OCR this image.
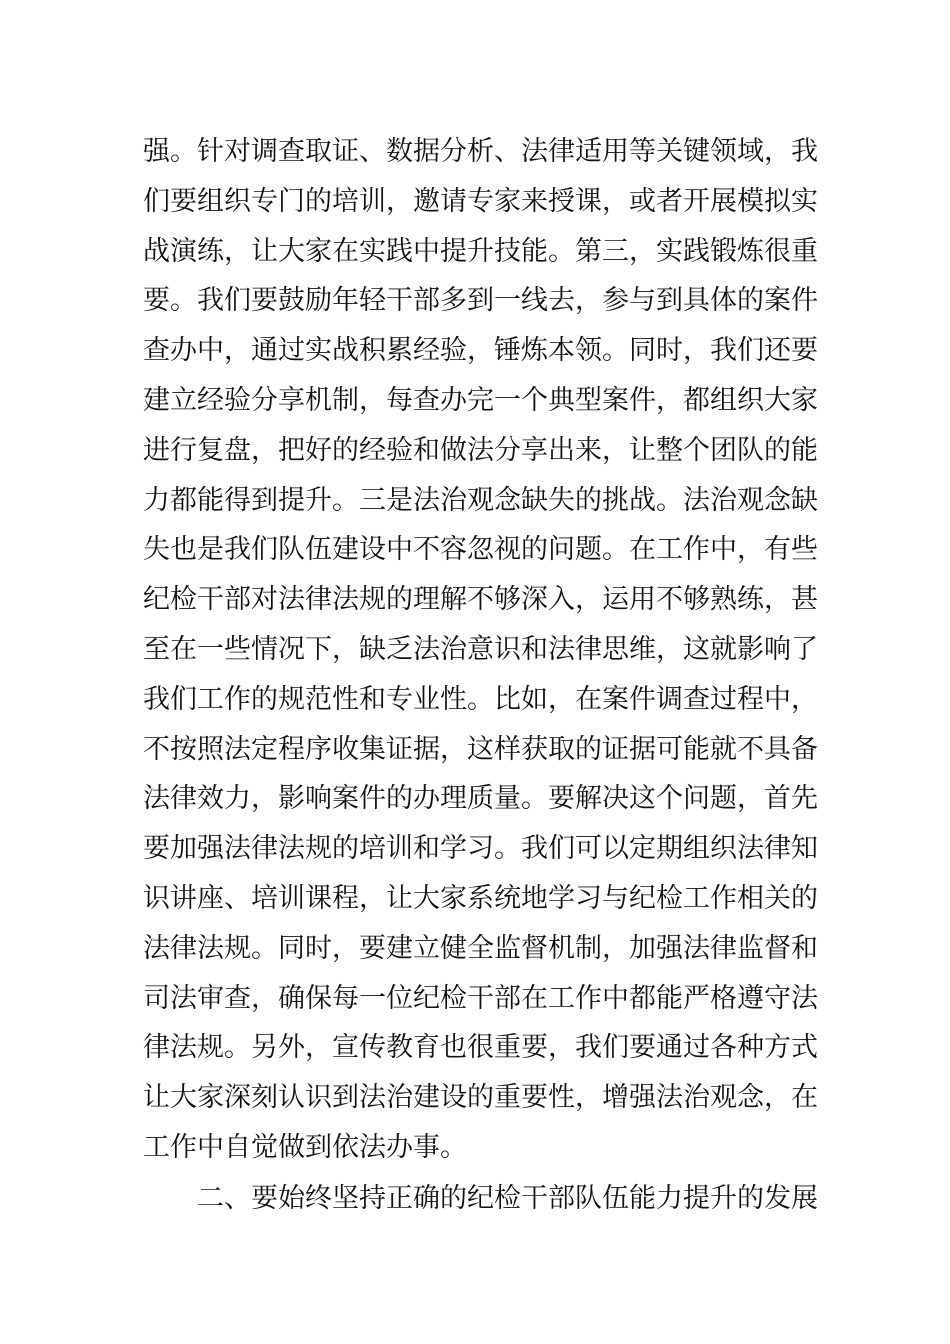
强。针对调查取证、数据分析、法律适用等关键领域，我
们要组织专门的培训，邀请专家来授课，或者开展模拟实
战演练，让大家在实践中提升技能。第三，实践锻炼很重
要。我们要鼓励年轻干部多到一线去，参与到具体的案件
查办中，通过实战积累经验，锤炼本领。同时，我们还要
建立经验分享机制，每查办完一个典型案件，都组织大家
进行复盘，把好的经验和做法分享出来，让整个团队的能
力都能得到提升。三是法治观念缺失的挑战。法治观念缺
失也是我们队伍建设中不容忽视的问题。在工作中，有些
纪检干部对法律法规的理解不够深入，运用不够熟练，甚
至在一些情况下，缺乏法治意识和法律思维，这就影响了
我们工作的规范性和专业性。比如，在案件调查过程中，
不按照法定程序收集证据，这样获取的证据可能就不具备
法律效力，影响案件的办理质量。要解决这个问题，首先
要加强法律法规的培训和学习。我们可以定期组织法律知
识讲座、培训课程，让大家系统地学习与纪检工作相关的
法律法规。同时，要建立健全监督机制，加强法律监督和
司法审查，确保每一位纪检干部在工作中都能严格遵守法
律法规。另外，宣传教育也很重要，我们要通过各种方式
让大家深刻认识到法治建设的重要性，增强法治观念，在
工作中自觉做到依法办事。
二、要始终坚持正确的纪检干部队伍能力提升的发展
